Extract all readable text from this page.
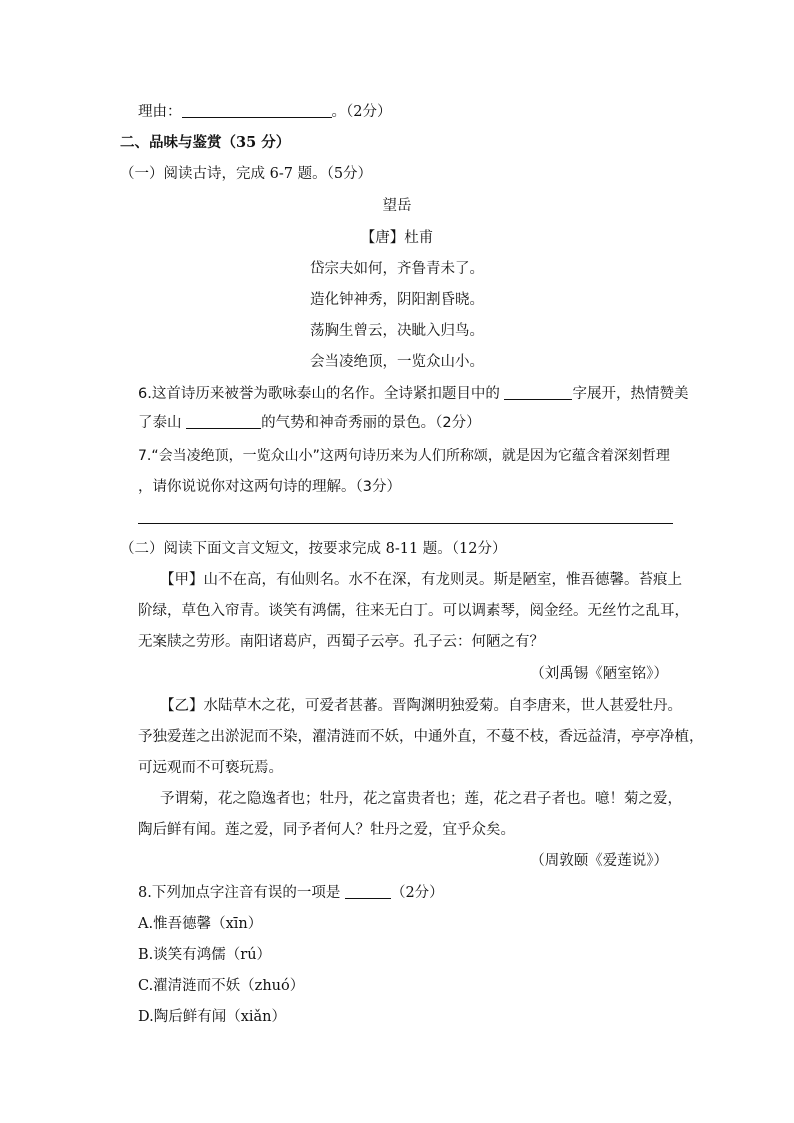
理由：	。（2分）
二、品味与鉴赏（35 分）
（一）阅读古诗，完成 6-7 题。（5分）
望岳
【唐】杜甫
岱宗夫如何，齐鲁青未了。
造化钟神秀，阴阳割昏晓。
荡胸生曾云，决眦入归鸟。
会当凌绝顶，一览众山小。
6.这首诗历来被誉为歌咏泰山的名作。全诗紧扣题目中的	字展开，热情赞美
了泰山	的气势和神奇秀丽的景色。（2分）
7.“会当凌绝顶，一览众山小”这两句诗历来为人们所称颂，就是因为它蕴含着深刻哲理
，请你说说你对这两句诗的理解。（3分）
（二）阅读下面文言文短文，按要求完成 8-11 题。（12分）
【甲】山不在高，有仙则名。水不在深，有龙则灵。斯是陋室，惟吾德馨。苔痕上
阶绿，草色入帘青。谈笑有鸿儒，往来无白丁。可以调素琴，阅金经。无丝竹之乱耳，
无案牍之劳形。南阳诸葛庐，西蜀子云亭。孔子云：何陋之有？
（刘禹锡《陋室铭》）
【乙】水陆草木之花，可爱者甚蕃。晋陶渊明独爱菊。自李唐来，世人甚爱牡丹。
予独爱莲之出淤泥而不染，濯清涟而不妖，中通外直，不蔓不枝，香远益清，亭亭净植，
可远观而不可亵玩焉。
予谓菊，花之隐逸者也；牡丹，花之富贵者也；莲，花之君子者也。噫！菊之爱，
陶后鲜有闻。莲之爱，同予者何人？牡丹之爱，宜乎众矣。
（周敦颐《爱莲说》）
8.下列加点字注音有误的一项是	（2分）
A.惟吾德馨（xīn）
B.谈笑有鸿儒（rú）
C.濯清涟而不妖（zhuó）
D.陶后鲜有闻（xiǎn）
